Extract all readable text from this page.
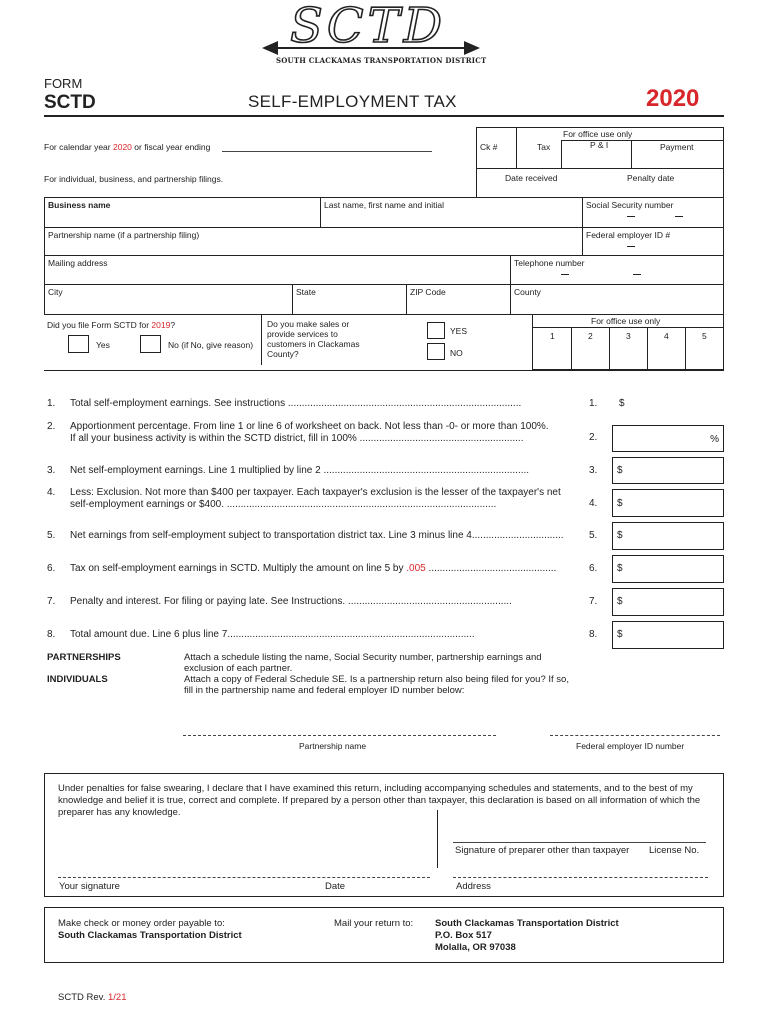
SCTD
SOUTH CLACKAMAS TRANSPORTATION DISTRICT
FORM
SCTD	SELF-EMPLOYMENT TAX	2020
For calendar year 2020 or fiscal year ending
For individual, business, and partnership filings.
For office use only
Ck #	Tax	P & I	Payment
Date received	Penalty date
Business name	Last name, first name and initial	Social Security number
Partnership name (if a partnership filing)	Federal employer ID #
Mailing address	Telephone number
City	State	ZIP Code	County
Did you file Form SCTD for 2019?
Yes	No (if No, give reason)
Do you make sales or provide services to customers in Clackamas County?
YES
NO
For office use only
1	2	3	4	5
1. Total self-employment earnings. See instructions ....................................................................................	1. $
2. Apportionment percentage. From line 1 or line 6 of worksheet on back. Not less than -0- or more than 100%.
If all your business activity is within the SCTD district, fill in 100% ...........................................................	2.	%
3. Net self-employment earnings. Line 1 multiplied by line 2 ..........................................................................	3.	$
4. Less: Exclusion. Not more than $400 per taxpayer. Each taxpayer's exclusion is the lesser of the taxpayer's net
self-employment earnings or $400. .................................................................................................	4.	$
5. Net earnings from self-employment subject to transportation district tax. Line 3 minus line 4.................................	5.	$
6. Tax on self-employment earnings in SCTD. Multiply the amount on line 5 by .005 ..............................................	6.	$
7. Penalty and interest. For filing or paying late. See Instructions. ...........................................................	7.	$
8. Total amount due. Line 6 plus line 7.........................................................................................	8.	$
PARTNERSHIPS	Attach a schedule listing the name, Social Security number, partnership earnings and exclusion of each partner.
INDIVIDUALS	Attach a copy of Federal Schedule SE. Is a partnership return also being filed for you? If so, fill in the partnership name and federal employer ID number below:
Partnership name	Federal employer ID number
Under penalties for false swearing, I declare that I have examined this return, including accompanying schedules and statements, and to the best of my knowledge and belief it is true, correct and complete. If prepared by a person other than taxpayer, this declaration is based on all information of which the preparer has any knowledge.
Signature of preparer other than taxpayer License No.
Your signature	Date	Address
Make check or money order payable to:
South Clackamas Transportation District
Mail your return to: South Clackamas Transportation District
P.O. Box 517
Molalla, OR 97038
SCTD Rev. 1/21
